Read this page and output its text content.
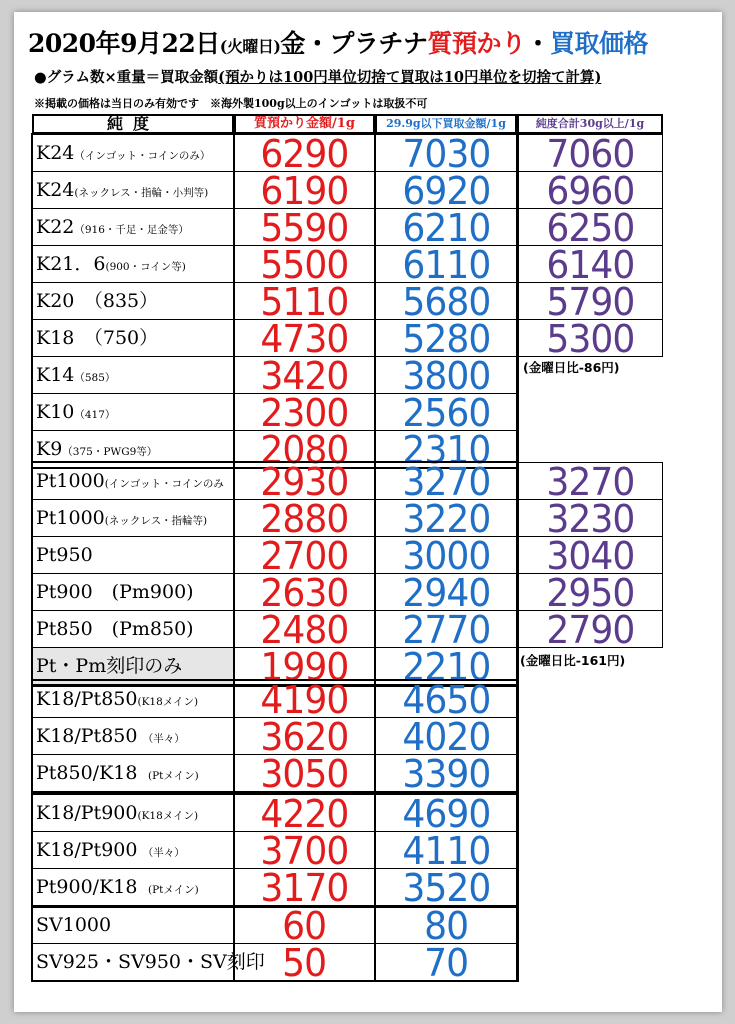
2020年9月22日(火曜日)金・プラチナ質預かり・買取価格
●グラム数×重量＝買取金額(預かりは100円単位切捨て買取は10円単位を切捨て計算)
※掲載の価格は当日のみ有効です　※海外製100g以上のインゴットは取扱不可
純度	質預かり金額/1g	29.9g以下買取金額/1g	純度合計30g以上/1g
K24（インゴット・コインのみ）	6290	7030	7060
K24(ネックレス・指輪・小判等)	6190	6920	6960
K22（916・千足・足金等）	5590	6210	6250
K21．6(900・コイン等)	5500	6110	6140
K20　（835）	5110	5680	5790
K18　（750）	4730	5280	5300
K14（585）	3420	3800
K10（417）	2300	2560
K9（375・PWG9等）	2080	2310
(金曜日比-86円)
Pt1000(インゴット・コインのみ 2930	3270	3270
Pt1000(ネックレス・指輪等)	2880	3220	3230
Pt950	2700	3000	3040
Pt900　(Pm900)	2630	2940	2950
Pt850　(Pm850)	2480	2770	2790
Pt・Pm刻印のみ	1990	2210	(金曜日比-161円)
K18/Pt850(K18メイン)	4190	4650
K18/Pt850　（半々）	3620	4020
Pt850/K18　(Ptメイン)	3050	3390
K18/Pt900(K18メイン)	4220	4690
K18/Pt900　（半々）	3700	4110
Pt900/K18　(Ptメイン)	3170	3520
SV1000	60	80
SV925・SV950・SV刻印 50	70
